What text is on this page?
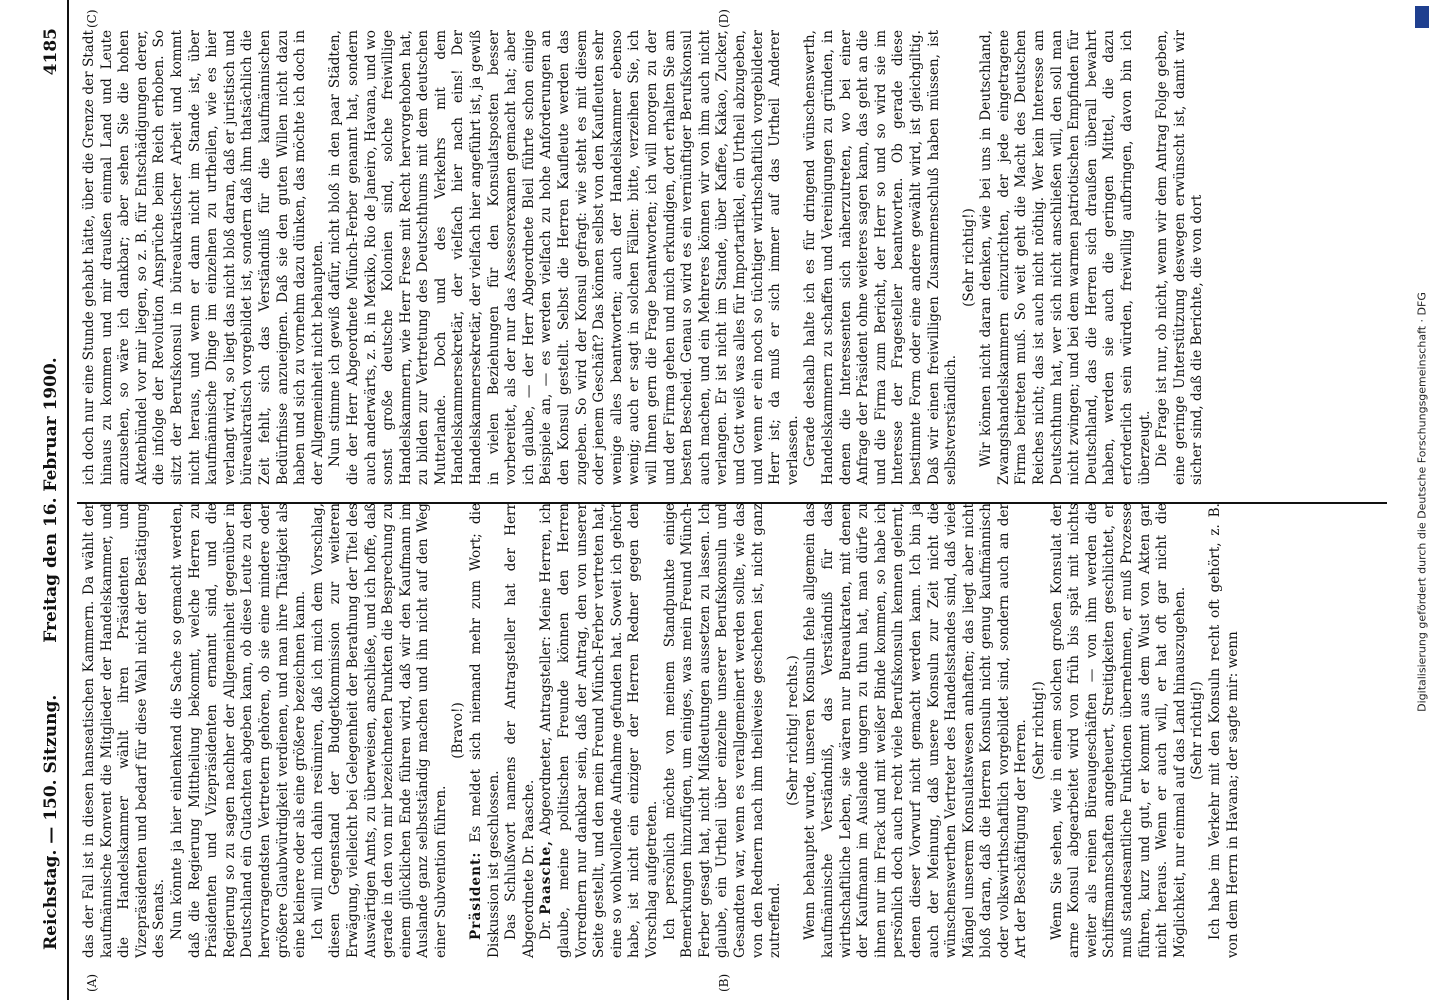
Reichstag. — 150. Sitzung.
Freitag den 16. Februar 1900.
4185
(A)	(B)
(C)	(D)

das der Fall ist in diesen hanseatischen Kammern. Da wählt der kaufmännische Konvent die Mitglieder der Handelskammer, und die Handelskammer wählt ihren Präsidenten und Vizepräsidenten und bedarf für diese Wahl nicht der Bestätigung des Senats. Nun könnte ja hier einlenkend die Sache so gemacht werden, daß die Regierung Mittheilung bekommt, welche Herren zu Präsidenten und Vizepräsidenten ernannt sind, und die Regierung so zu sagen nachher der Allgemeinheit gegenüber in Deutschland ein Gutachten abgeben kann, ob diese Leute zu den hervorragendsten Vertretern gehören, ob sie eine mindere oder größere Glaubwürdigkeit verdienen, und man ihre Thätigkeit als eine kleinere oder als eine größere bezeichnen kann. Ich will mich dahin resümiren, daß ich mich dem Vorschlag, diesen Gegenstand der Budgetkommission zur weiteren Erwägung, vielleicht bei Gelegenheit der Berathung der Titel des Auswärtigen Amts, zu überweisen, anschließe, und ich hoffe, daß gerade in den von mir bezeichneten Punkten die Besprechung zu einem glücklichen Ende führen wird, daß wir den Kaufmann im Auslande ganz selbstständig machen und ihn nicht auf den Weg einer Subvention führen.

(Bravo!)

Präsident: Es meldet sich niemand mehr zum Wort; die Diskussion ist geschlossen. Das Schlußwort namens der Antragsteller hat der Herr Abgeordnete Dr. Paasche. Dr. Paasche, Abgeordneter, Antragsteller: Meine Herren, ich glaube, meine politischen Freunde können den Herren Vorrednern nur dankbar sein, daß der Antrag, den von unserer Seite gestellt, und den mein Freund Münch-Ferber vertreten hat, eine so wohlwollende Aufnahme gefunden hat. Soweit ich gehört habe, ist nicht ein einziger der Herren Redner gegen den Vorschlag aufgetreten. Ich persönlich möchte von meinem Standpunkte einige Bemerkungen hinzufügen, um einiges, was mein Freund Münch-Ferber gesagt hat, nicht Mißdeutungen aussetzen zu lassen. Ich glaube, ein Urtheil über einzelne unserer Berufskonsuln und Gesandten war, wenn es verallgemeinert werden sollte, wie das von den Rednern nach ihm theilweise geschehen ist, nicht ganz zutreffend.

(Sehr richtig! rechts.) Wenn behauptet wurde, unseren Konsuln fehle allgemein das kaufmännische Verständniß, das Verständniß für das wirthschaftliche Leben, sie wären nur Bureaukraten, mit denen der Kaufmann im Auslande ungern zu thun hat, man dürfe zu ihnen nur im Frack und mit weißer Binde kommen, so habe ich persönlich doch auch recht viele Berufskonsuln kennen gelernt, denen dieser Vorwurf nicht gemacht werden kann. Ich bin ja auch der Meinung, daß unsere Konsuln zur Zeit nicht die wünschenswerthen Vertreter des Handelsstandes sind, daß viele Mängel unserem Konsulatswesen anhaften; das liegt aber nicht bloß daran, daß die Herren Konsuln nicht genug kaufmännisch oder volkswirthschaftlich vorgebildet sind, sondern auch an der Art der Beschäftigung der Herren. (Sehr richtig!) Wenn Sie sehen, wie in einem solchen großen Konsulat der arme Konsul abgearbeitet wird von früh bis spät mit nichts weiter als reinen Büreaugeschäften — von ihm werden die Schiffsmannschaften angeheuert, Streitigkeiten geschlichtet, er muß standesamtliche Funktionen übernehmen, er muß Prozesse führen, kurz und gut, er kommt aus dem Wust von Akten gar nicht heraus. Wenn er auch will, er hat oft gar nicht die Möglichkeit, nur einmal auf das Land hinauszugehen. (Sehr richtig!) Ich habe im Verkehr mit den Konsuln recht oft gehört, z. B. von dem Herrn in Havana; der sagte mir: wenn

ich doch nur eine Stunde gehabt hätte, über die Grenze der Stadt hinaus zu kommen und mir draußen einmal Land und Leute anzusehen, so wäre ich dankbar; aber sehen Sie die hohen Aktenbündel vor mir liegen, so z. B. für Entschädigungen derer, die infolge der Revolution Ansprüche beim Reich erhoben. So sitzt der Berufskonsul in büreaukratischer Arbeit und kommt nicht heraus, und wenn er dann nicht im Stande ist, über kaufmännische Dinge im einzelnen zu urtheilen, wie es hier verlangt wird, so liegt das nicht bloß daran, daß er juristisch und büreaukratisch vorgebildet ist, sondern daß ihm thatsächlich die Zeit fehlt, sich das Verständniß für die kaufmännischen Bedürfnisse anzueignen. Daß sie den guten Willen nicht dazu haben und sich zu vornehm dazu dünken, das möchte ich doch in der Allgemeinheit nicht behaupten. Nun stimme ich gewiß dafür, nicht bloß in den paar Städten, die der Herr Abgeordnete Münch-Ferber genannt hat, sondern auch anderwärts, z. B. in Mexiko, Rio de Janeiro, Havana, und wo sonst große deutsche Kolonien sind, solche freiwillige Handelskammern, wie Herr Frese mit Recht hervorgehoben hat, zu bilden zur Vertretung des Deutschthums mit dem deutschen Mutterlande. Doch und des Verkehrs mit dem Handelskammersekretär, der vielfach hier nach eins! Der Handelskammersekretär, der vielfach hier angeführt ist, ja gewiß in vielen Beziehungen für den Konsulatsposten besser vorbereitet, als der nur das Assessorexamen gemacht hat; aber ich glaube, — der Herr Abgeordnete Bleil führte schon einige Beispiele an, — es werden vielfach zu hohe Anforderungen an den Konsul gestellt. Selbst die Herren Kaufleute werden das zugeben. So wird der Konsul gefragt: wie steht es mit diesem oder jenem Geschäft? Das können selbst von den Kaufleuten sehr wenige alles beantworten; auch der Handelskammer ebenso wenig; auch er sagt in solchen Fällen: bitte, verzeihen Sie, ich will Ihnen gern die Frage beantworten; ich will morgen zu der und der Firma gehen und mich erkundigen, dort erhalten Sie am besten Bescheid. Genau so wird es ein vernünftiger Berufskonsul auch machen, und ein Mehreres können wir von ihm auch nicht verlangen. Er ist nicht im Stande, über Kaffee, Kakao, Zucker, und Gott weiß was alles für Importartikel, ein Urtheil abzugeben, und wenn er ein noch so tüchtiger wirthschaftlich vorgebildeter Herr ist; da muß er sich immer auf das Urtheil Anderer verlassen. Gerade deshalb halte ich es für dringend wünschenswerth, Handelskammern zu schaffen und Vereinigungen zu gründen, in denen die Interessenten sich näherzutreten, wo bei einer Anfrage der Präsident ohne weiteres sagen kann, das geht an die und die Firma zum Bericht, der Herr so und so wird sie im Interesse der Fragesteller beantworten. Ob gerade diese bestimmte Form oder eine andere gewählt wird, ist gleichgiltig. Daß wir einen freiwilligen Zusammenschluß haben müssen, ist selbstverständlich.

(Sehr richtig!) Wir können nicht daran denken, wie bei uns in Deutschland, Zwangshandelskammern einzurichten, der jede eingetragene Firma beitreten muß. So weit geht die Macht des Deutschen Reiches nicht; das ist auch nicht nöthig. Wer kein Interesse am Deutschthum hat, wer sich nicht anschließen will, den soll man nicht zwingen; und bei dem warmen patriotischen Empfinden für Deutschland, das die Herren sich draußen überall bewahrt haben, werden sie auch die geringen Mittel, die dazu erforderlich sein würden, freiwillig aufbringen, davon bin ich überzeugt. Die Frage ist nur, ob nicht, wenn wir dem Antrag Folge geben, eine geringe Unterstützung deswegen erwünscht ist, damit wir sicher sind, daß die Berichte, die von dort	Digitalisierung gefördert durch die Deutsche Forschungsgemeinschaft · DFG
